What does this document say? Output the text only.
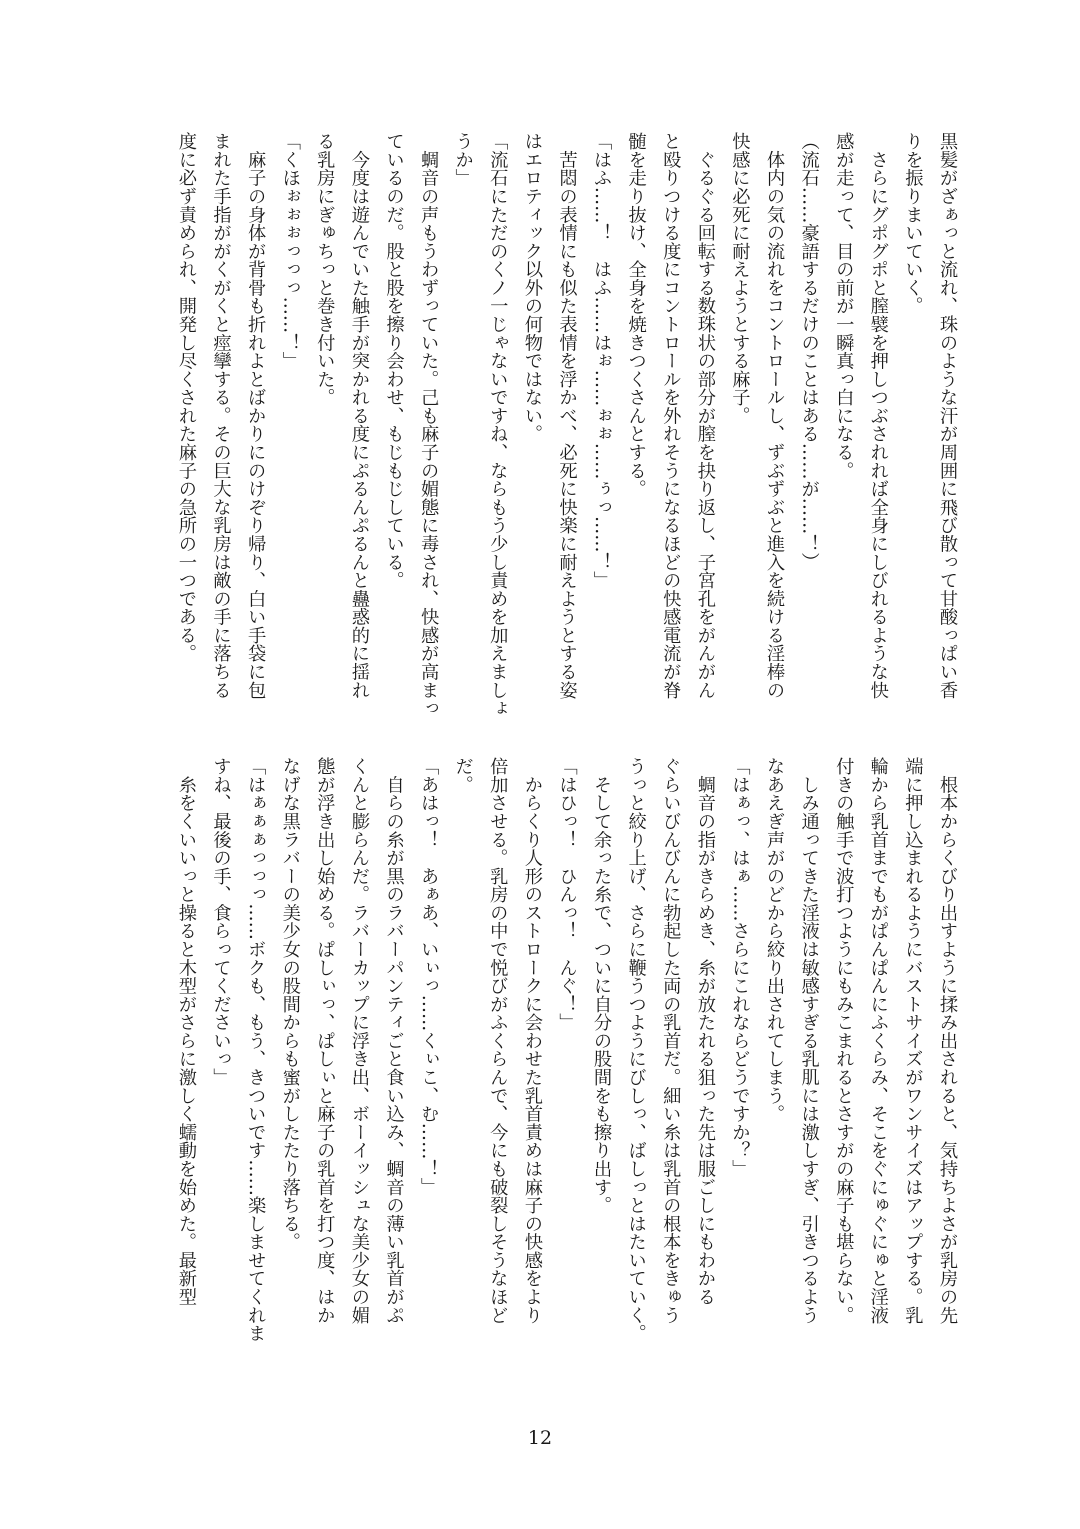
黒髪がざぁっと流れ、珠のような汗が周囲に飛び散って甘酸っぱい香
りを振りまいていく。
　さらにグポグポと膣襞を押しつぶされれば全身にしびれるような快
感が走って、目の前が一瞬真っ白になる。
（流石……豪語するだけのことはある……が……！）
　体内の気の流れをコントロールし、ずぶずぶと進入を続ける淫棒の
快感に必死に耐えようとする麻子。
　ぐるぐる回転する数珠状の部分が膣を抉り返し、子宮孔をがんがん
と殴りつける度にコントロールを外れそうになるほどの快感電流が脊
髄を走り抜け、全身を焼きつくさんとする。
「はふ……！　はふ……はぉ……ぉぉ……ぅっ……！」
　苦悶の表情にも似た表情を浮かべ、必死に快楽に耐えようとする姿
はエロティック以外の何物ではない。
「流石にただのくノ一じゃないですね、ならもう少し責めを加えましょ
うか」
　蜩音の声もうわずっていた。己も麻子の媚態に毒され、快感が高まっ
ているのだ。股と股を擦り会わせ、もじもじしている。
　今度は遊んでいた触手が突かれる度にぷるんぷるんと蠱惑的に揺れ
る乳房にぎゅちっと巻き付いた。
「くほぉぉぉっっっ……！」
　麻子の身体が背骨も折れよとばかりにのけぞり帰り、白い手袋に包
まれた手指ががくがくと痙攣する。その巨大な乳房は敵の手に落ちる
度に必ず責められ、開発し尽くされた麻子の急所の一つである。
　根本からくびり出すように揉み出されると、気持ちよさが乳房の先
端に押し込まれるようにバストサイズがワンサイズはアップする。乳
輪から乳首までもがぱんぱんにふくらみ、そこをぐにゅぐにゅと淫液
付きの触手で波打つようにもみこまれるとさすがの麻子も堪らない。
　しみ通ってきた淫液は敏感すぎる乳肌には激しすぎ、引きつるよう
なあえぎ声がのどから絞り出されてしまう。
「はぁっ、はぁ……さらにこれならどうですか？」
　蜩音の指がきらめき、糸が放たれる狙った先は服ごしにもわかる
ぐらいびんびんに勃起した両の乳首だ。細い糸は乳首の根本をきゅう
うっと絞り上げ、さらに鞭うつようにびしっ、ばしっとはたいていく。
　そして余った糸で、ついに自分の股間をも擦り出す。
「はひっ！　ひんっ！　んぐ！」
　からくり人形のストロークに会わせた乳首責めは麻子の快感をより
倍加させる。乳房の中で悦びがふくらんで、今にも破裂しそうなほど
だ。
「あはっ！　あぁあ、いぃっ……くぃこ、む……！」
　自らの糸が黒のラバーパンティごと食い込み、蜩音の薄い乳首がぷ
くんと膨らんだ。ラバーカップに浮き出、ボーイッシュな美少女の媚
態が浮き出し始める。ぱしぃっ、ぱしぃと麻子の乳首を打つ度、はか
なげな黒ラバーの美少女の股間からも蜜がしたたり落ちる。
「はぁぁぁっっっ……ボクも、もう、きついです……楽しませてくれま
すね、最後の手、食らってくださいっ」
　糸をくいいっと操ると木型がさらに激しく蠕動を始めた。最新型
12
